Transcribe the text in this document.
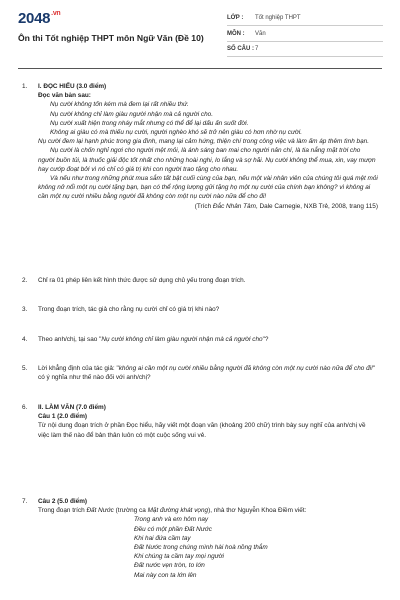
$2048^{.vn}$
Ôn thi Tốt nghiệp THPT môn Ngữ Văn (Đề 10)
LỚP : Tốt nghiệp THPT
MÔN : Văn
SỐ CÂU : 7
1. I. ĐỌC HIỂU (3.0 điểm)

Đọc văn bản sau:

Nụ cười không tốn kém mà đem lại rất nhiều thứ.

Nụ cười không chỉ làm giàu người nhận mà cả người cho.

Nụ cười xuất hiện trong nháy mắt nhưng có thể để lại dấu ấn suốt đời.

Không ai giàu có mà thiếu nụ cười, người nghèo khó sẽ trở nên giàu có hơn nhờ nụ cười.

Nụ cười đem lại hạnh phúc trong gia đình, mang lại cảm hứng, thiện chí trong công việc và làm ấm áp thêm tình bạn.

Nụ cười là chốn nghỉ ngơi cho người mệt mỏi, là ánh sáng ban mai cho người nản chí, là tia nắng mặt trời cho người buồn tủi, là thuốc giải độc tốt nhất cho những hoài nghi, lo lắng và sợ hãi. Nụ cười không thể mua, xin, vay mượn hay cướp đoạt bởi vì nó chỉ có giá trị khi con người trao tặng cho nhau.

Và nếu như trong những phút mua sắm tất bật cuối cùng của bạn, nếu một vài nhân viên của chúng tôi quá mệt mỏi không nở nổi một nụ cười tặng bạn, bạn có thể rộng lượng gửi tặng họ một nụ cười của chính bạn không? vì không ai cần một nụ cười nhiều bằng người đã không còn một nụ cười nào nữa để cho đi!

(Trích Đắc Nhân Tâm, Dale Carnegie, NXB Trẻ, 2008, trang 115)

2. Chỉ ra 01 phép liên kết hình thức được sử dụng chủ yếu trong đoạn trích.

3. Trong đoạn trích, tác giả cho rằng nụ cười chỉ có giá trị khi nào?

4. Theo anh/chị, tại sao "Nụ cười không chỉ làm giàu người nhận mà cả người cho"?

5. Lời khẳng định của tác giả: "không ai cần một nụ cười nhiều bằng người đã không còn một nụ cười nào nữa để cho đi!" có ý nghĩa như thế nào đối với anh/chị?

6. II. LÀM VĂN (7.0 điểm)

Câu 1 (2.0 điểm)

Từ nội dung đoạn trích ở phần Đọc hiểu, hãy viết một đoạn văn (khoảng 200 chữ) trình bày suy nghĩ của anh/chị về việc làm thế nào để bản thân luôn có một cuộc sống vui vẻ.

7. Câu 2 (5.0 điểm)

Trong đoạn trích Đất Nước (trường ca Mặt đường khát vọng), nhà thơ Nguyễn Khoa Điềm viết:

Trong anh và em hôm nay

Đều có một phần Đất Nước

Khi hai đứa cầm tay

Đất Nước trong chúng mình hài hoà nồng thắm

Khi chúng ta cầm tay mọi người

Đất nước vẹn tròn, to lớn

Mai này con ta lớn lên
